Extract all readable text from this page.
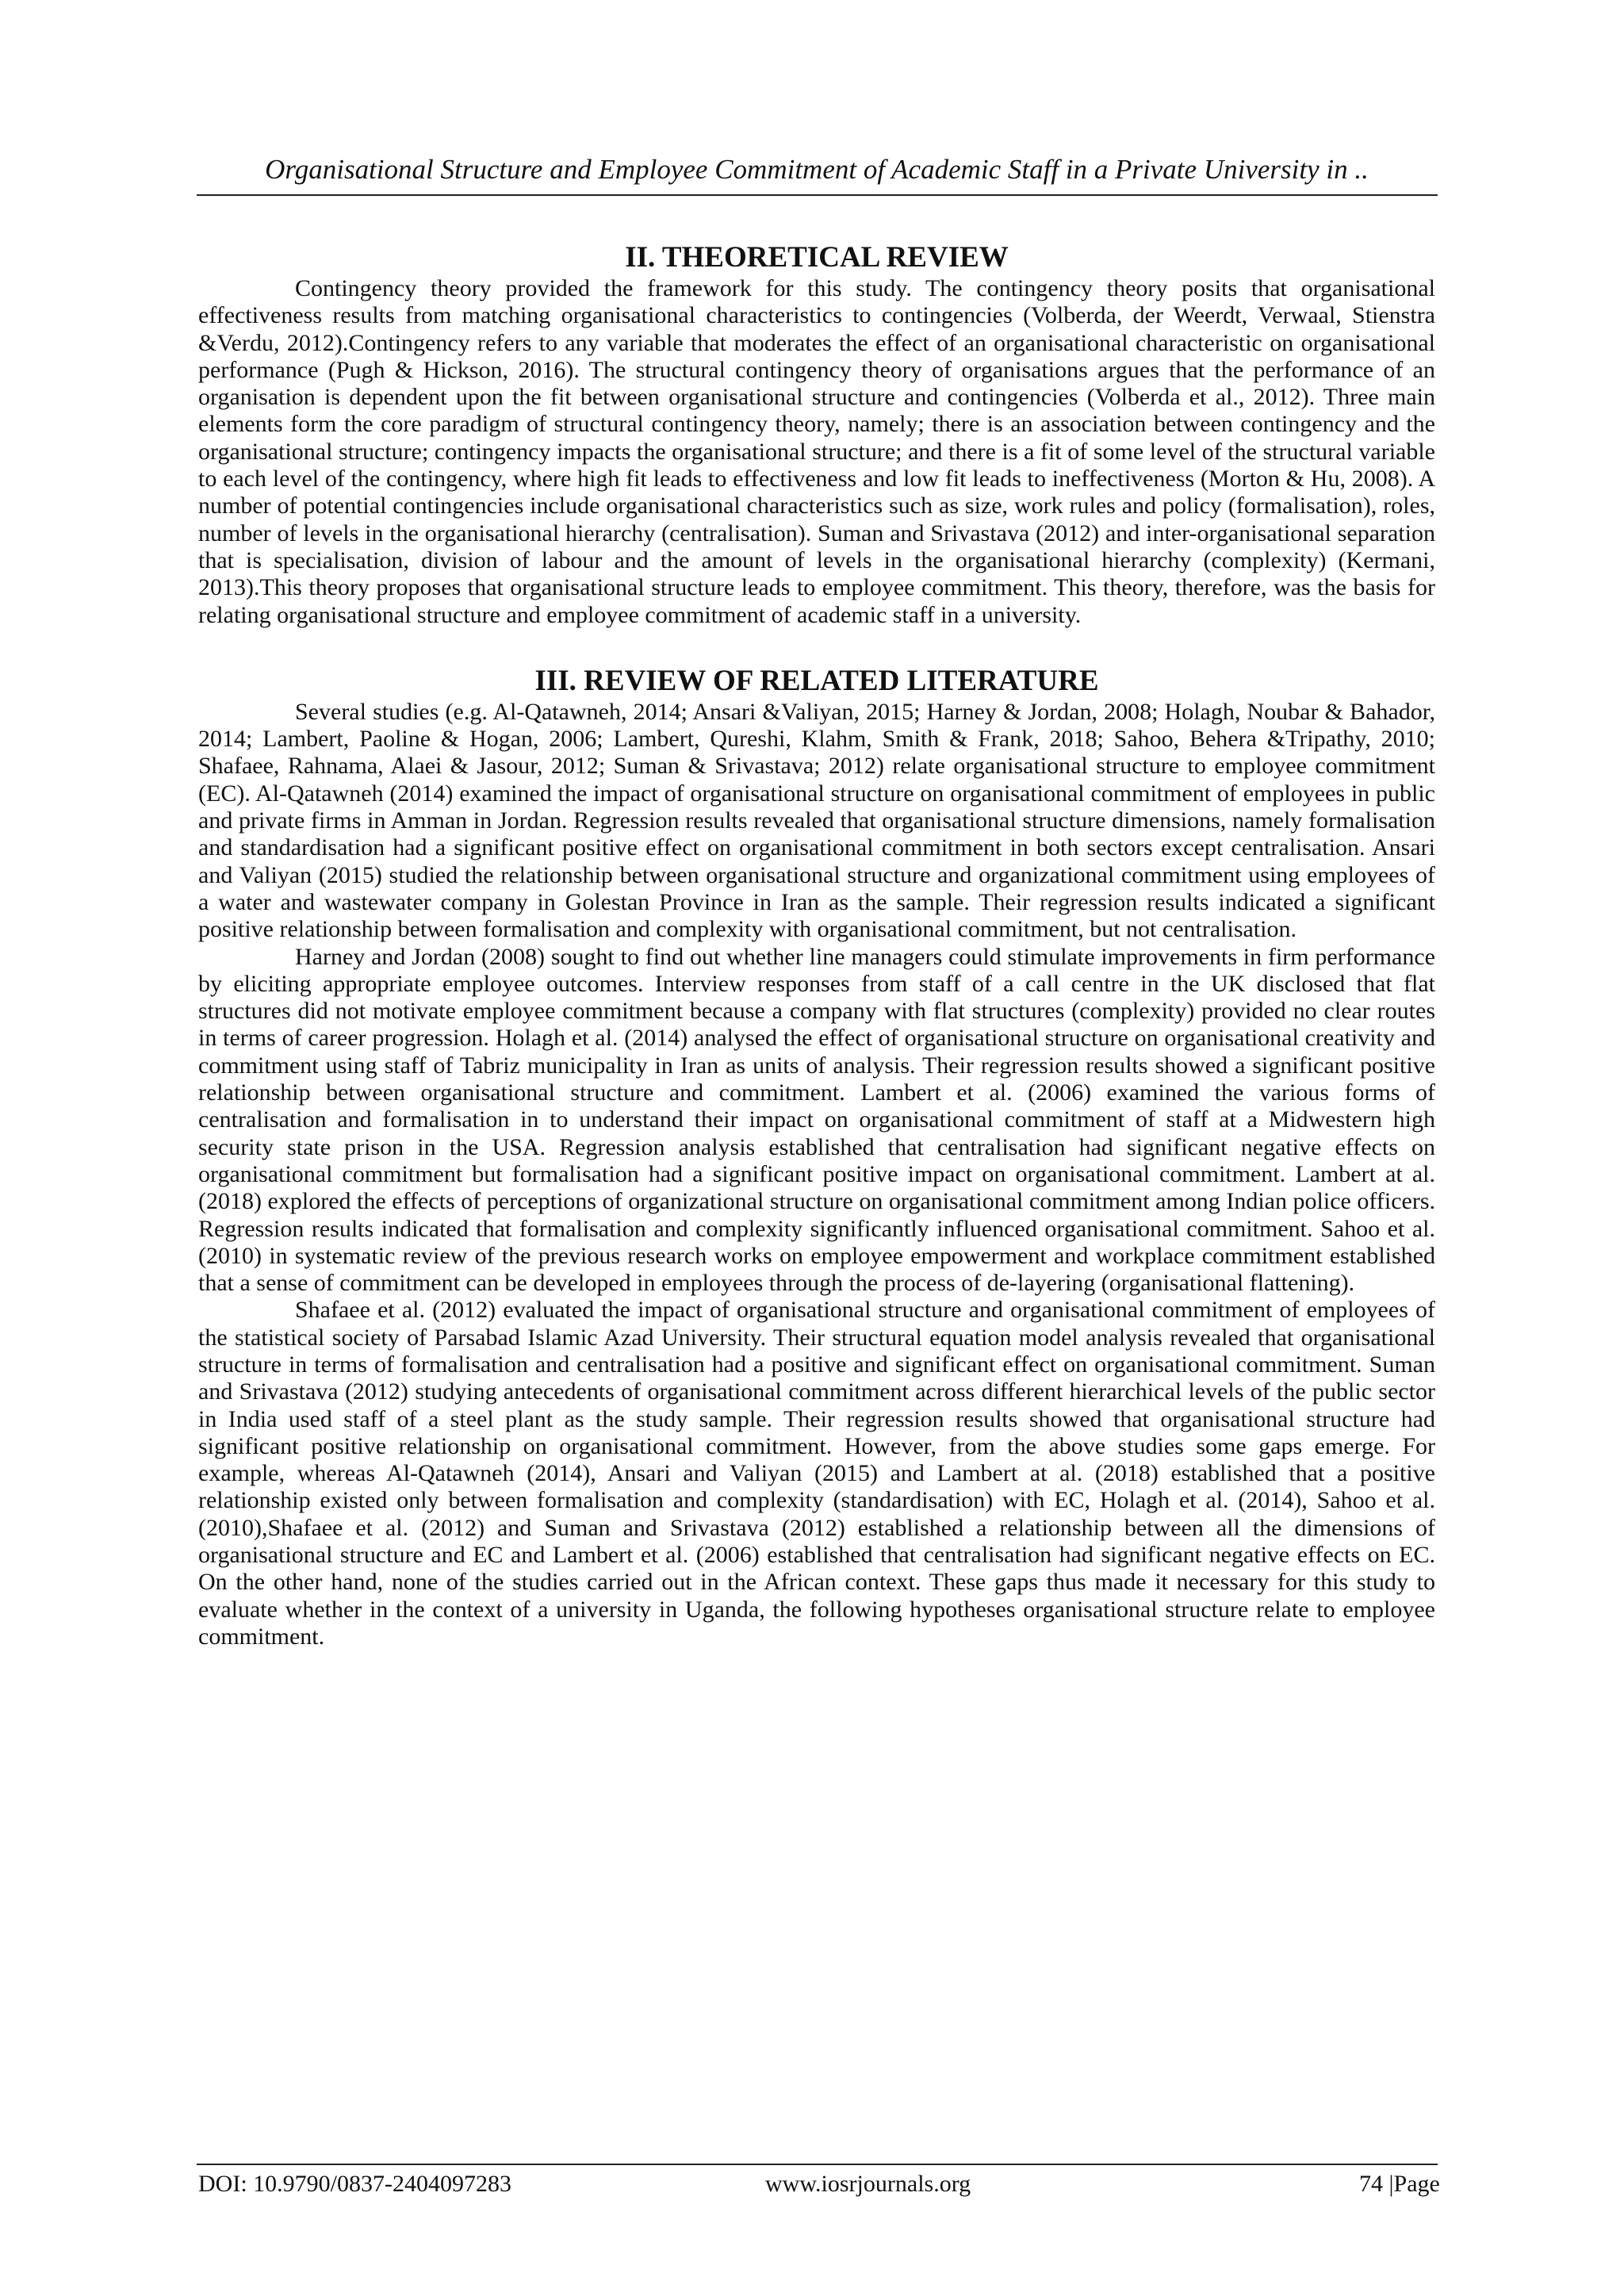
Organisational Structure and Employee Commitment of Academic Staff in a Private University in ..
II. THEORETICAL REVIEW

Contingency theory provided the framework for this study. The contingency theory posits that organisational effectiveness results from matching organisational characteristics to contingencies (Volberda, der Weerdt, Verwaal, Stienstra &Verdu, 2012).Contingency refers to any variable that moderates the effect of an organisational characteristic on organisational performance (Pugh & Hickson, 2016). The structural contingency theory of organisations argues that the performance of an organisation is dependent upon the fit between organisational structure and contingencies (Volberda et al., 2012). Three main elements form the core paradigm of structural contingency theory, namely; there is an association between contingency and the organisational structure; contingency impacts the organisational structure; and there is a fit of some level of the structural variable to each level of the contingency, where high fit leads to effectiveness and low fit leads to ineffectiveness (Morton & Hu, 2008). A number of potential contingencies include organisational characteristics such as size, work rules and policy (formalisation), roles, number of levels in the organisational hierarchy (centralisation). Suman and Srivastava (2012) and inter-organisational separation that is specialisation, division of labour and the amount of levels in the organisational hierarchy (complexity) (Kermani, 2013).This theory proposes that organisational structure leads to employee commitment. This theory, therefore, was the basis for relating organisational structure and employee commitment of academic staff in a university.

III. REVIEW OF RELATED LITERATURE

Several studies (e.g. Al-Qatawneh, 2014; Ansari &Valiyan, 2015; Harney & Jordan, 2008; Holagh, Noubar & Bahador, 2014; Lambert, Paoline & Hogan, 2006; Lambert, Qureshi, Klahm, Smith & Frank, 2018; Sahoo, Behera &Tripathy, 2010; Shafaee, Rahnama, Alaei & Jasour, 2012; Suman & Srivastava; 2012) relate organisational structure to employee commitment (EC). Al-Qatawneh (2014) examined the impact of organisational structure on organisational commitment of employees in public and private firms in Amman in Jordan. Regression results revealed that organisational structure dimensions, namely formalisation and standardisation had a significant positive effect on organisational commitment in both sectors except centralisation. Ansari and Valiyan (2015) studied the relationship between organisational structure and organizational commitment using employees of a water and wastewater company in Golestan Province in Iran as the sample. Their regression results indicated a significant positive relationship between formalisation and complexity with organisational commitment, but not centralisation.

Harney and Jordan (2008) sought to find out whether line managers could stimulate improvements in firm performance by eliciting appropriate employee outcomes. Interview responses from staff of a call centre in the UK disclosed that flat structures did not motivate employee commitment because a company with flat structures (complexity) provided no clear routes in terms of career progression. Holagh et al. (2014) analysed the effect of organisational structure on organisational creativity and commitment using staff of Tabriz municipality in Iran as units of analysis. Their regression results showed a significant positive relationship between organisational structure and commitment. Lambert et al. (2006) examined the various forms of centralisation and formalisation in to understand their impact on organisational commitment of staff at a Midwestern high security state prison in the USA. Regression analysis established that centralisation had significant negative effects on organisational commitment but formalisation had a significant positive impact on organisational commitment. Lambert at al. (2018) explored the effects of perceptions of organizational structure on organisational commitment among Indian police officers. Regression results indicated that formalisation and complexity significantly influenced organisational commitment. Sahoo et al. (2010) in systematic review of the previous research works on employee empowerment and workplace commitment established that a sense of commitment can be developed in employees through the process of de-layering (organisational flattening).

Shafaee et al. (2012) evaluated the impact of organisational structure and organisational commitment of employees of the statistical society of Parsabad Islamic Azad University. Their structural equation model analysis revealed that organisational structure in terms of formalisation and centralisation had a positive and significant effect on organisational commitment. Suman and Srivastava (2012) studying antecedents of organisational commitment across different hierarchical levels of the public sector in India used staff of a steel plant as the study sample. Their regression results showed that organisational structure had significant positive relationship on organisational commitment. However, from the above studies some gaps emerge. For example, whereas Al-Qatawneh (2014), Ansari and Valiyan (2015) and Lambert at al. (2018) established that a positive relationship existed only between formalisation and complexity (standardisation) with EC, Holagh et al. (2014), Sahoo et al. (2010),Shafaee et al. (2012) and Suman and Srivastava (2012) established a relationship between all the dimensions of organisational structure and EC and Lambert et al. (2006) established that centralisation had significant negative effects on EC. On the other hand, none of the studies carried out in the African context. These gaps thus made it necessary for this study to evaluate whether in the context of a university in Uganda, the following hypotheses organisational structure relate to employee commitment.

DOI: 10.9790/0837-2404097283	www.iosrjournals.org	74 |Page
